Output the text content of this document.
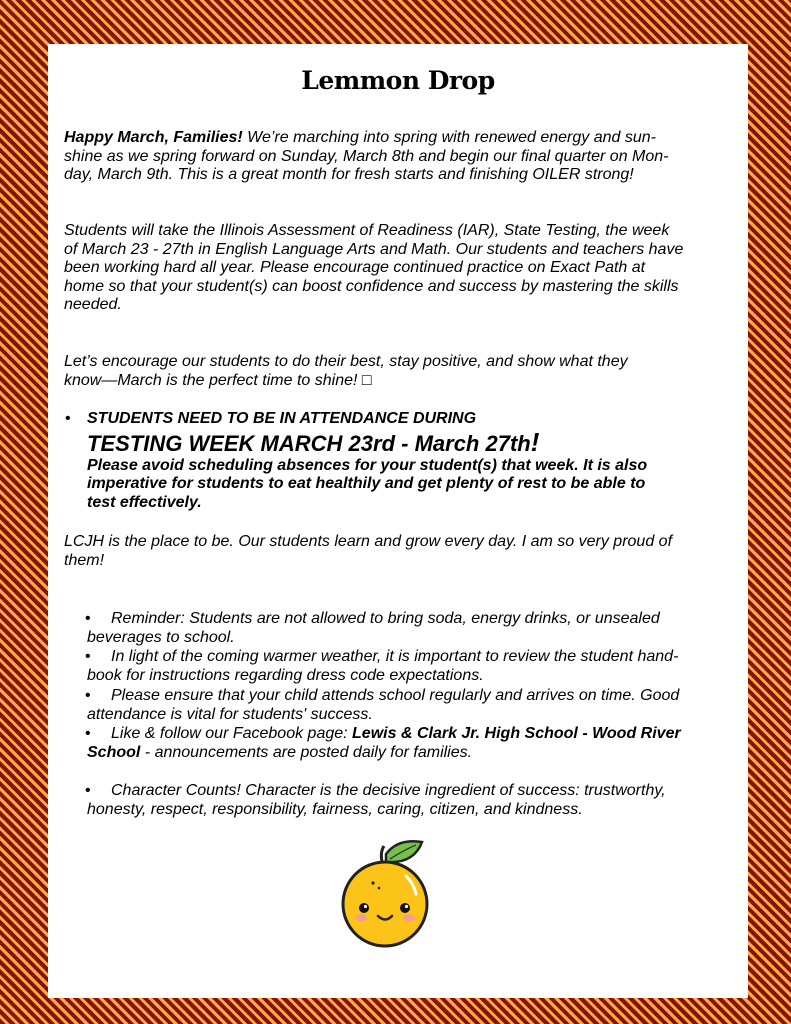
Lemmon Drop
Happy March, Families! We’re marching into spring with renewed energy and sun-
shine as we spring forward on Sunday, March 8th and begin our final quarter on Mon-
day, March 9th. This is a great month for fresh starts and finishing OILER strong!
Students will take the Illinois Assessment of Readiness (IAR), State Testing, the week
of March 23 - 27th in English Language Arts and Math. Our students and teachers have
been working hard all year. Please encourage continued practice on Exact Path at
home so that your student(s) can boost confidence and success by mastering the skills
needed.
Let’s encourage our students to do their best, stay positive, and show what they
know—March is the perfect time to shine! □
• STUDENTS NEED TO BE IN ATTENDANCE DURING
TESTING WEEK MARCH 23rd - March 27th!
Please avoid scheduling absences for your student(s) that week. It is also
imperative for students to eat healthily and get plenty of rest to be able to
test effectively.
LCJH is the place to be. Our students learn and grow every day. I am so very proud of
them!
•	Reminder: Students are not allowed to bring soda, energy drinks, or unsealed
beverages to school.
•	In light of the coming warmer weather, it is important to review the student hand-
book for instructions regarding dress code expectations.
•	Please ensure that your child attends school regularly and arrives on time. Good
attendance is vital for students' success.
•	Like & follow our Facebook page: Lewis & Clark Jr. High School - Wood River
School - announcements are posted daily for families.
•	Character Counts! Character is the decisive ingredient of success: trustworthy,
honesty, respect, responsibility, fairness, caring, citizen, and kindness.
